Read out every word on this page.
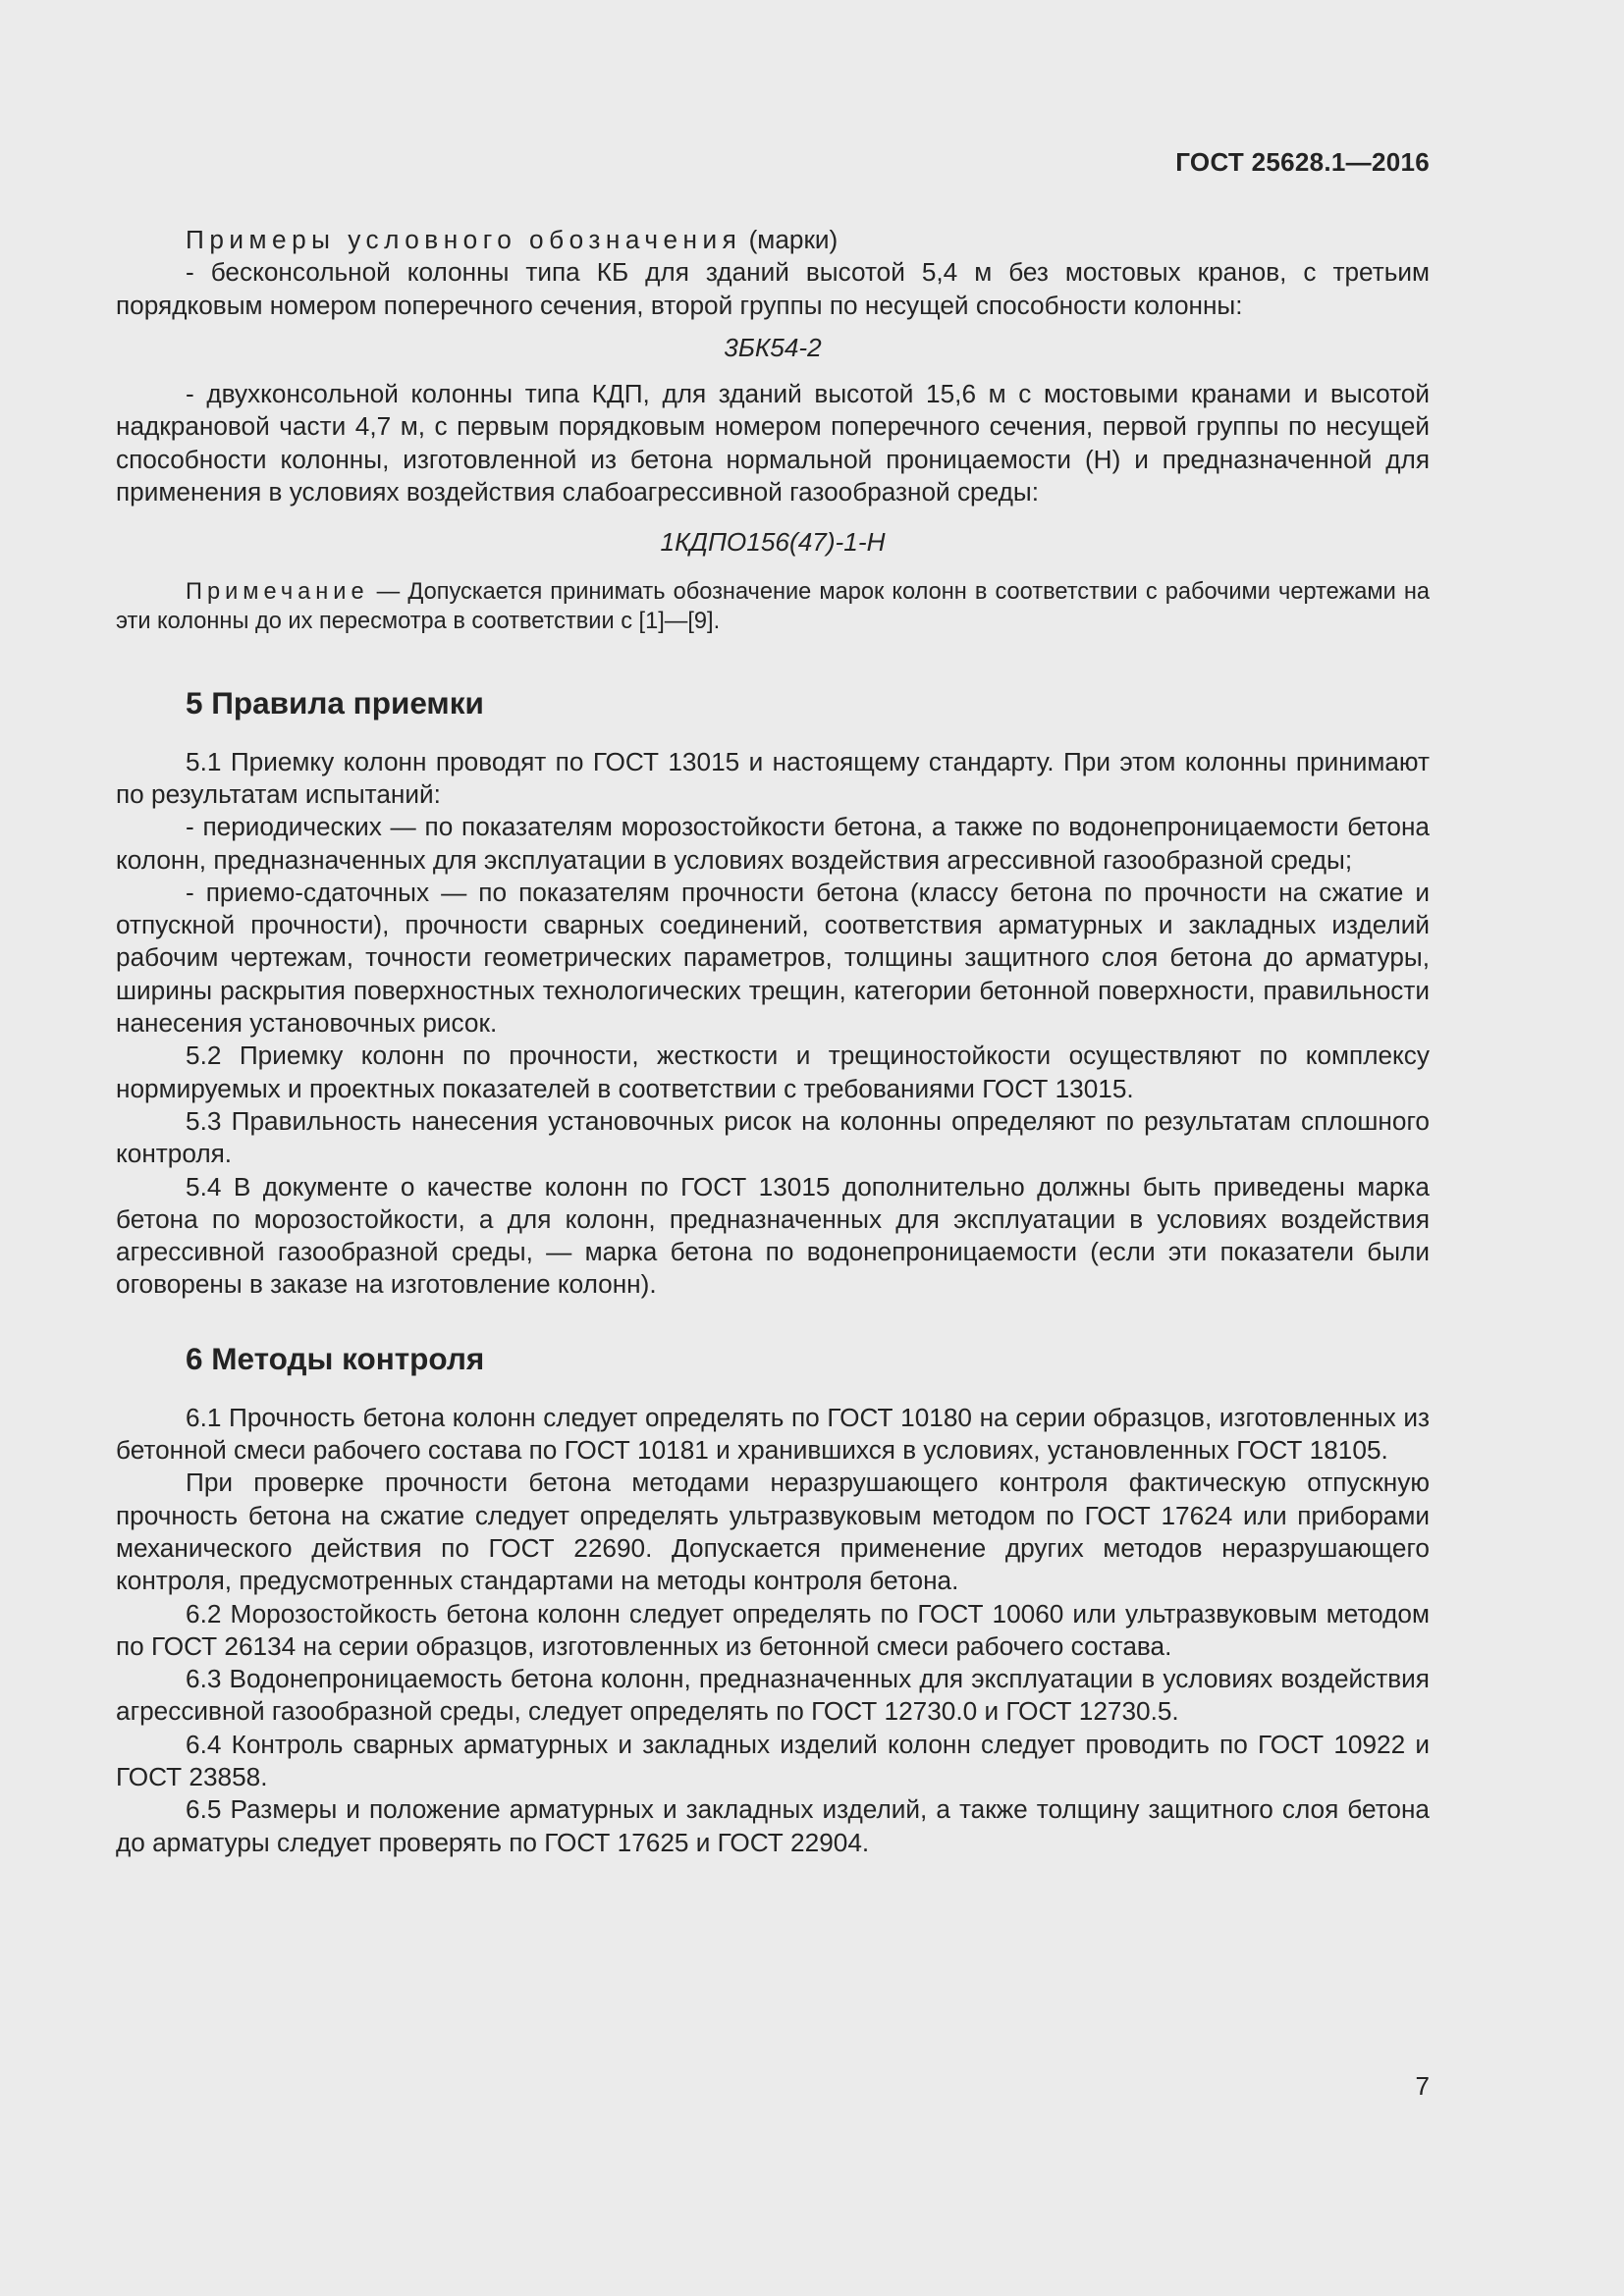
ГОСТ 25628.1—2016

Примеры условного обозначения (марки)

- бесконсольной колонны типа КБ для зданий высотой 5,4 м без мостовых кранов, с третьим порядковым номером поперечного сечения, второй группы по несущей способности колонны:

3БК54-2

- двухконсольной колонны типа КДП, для зданий высотой 15,6 м с мостовыми кранами и высотой надкрановой части 4,7 м, с первым порядковым номером поперечного сечения, первой группы по несущей способности колонны, изготовленной из бетона нормальной проницаемости (Н) и предназначенной для применения в условиях воздействия слабоагрессивной газообразной среды:

1КДПО156(47)-1-Н

Примечание — Допускается принимать обозначение марок колонн в соответствии с рабочими чертежами на эти колонны до их пересмотра в соответствии с [1]—[9].

5 Правила приемки

5.1 Приемку колонн проводят по ГОСТ 13015 и настоящему стандарту. При этом колонны принимают по результатам испытаний:

- периодических — по показателям морозостойкости бетона, а также по водонепроницаемости бетона колонн, предназначенных для эксплуатации в условиях воздействия агрессивной газообразной среды;

- приемо-сдаточных — по показателям прочности бетона (классу бетона по прочности на сжатие и отпускной прочности), прочности сварных соединений, соответствия арматурных и закладных изделий рабочим чертежам, точности геометрических параметров, толщины защитного слоя бетона до арматуры, ширины раскрытия поверхностных технологических трещин, категории бетонной поверхности, правильности нанесения установочных рисок.

5.2 Приемку колонн по прочности, жесткости и трещиностойкости осуществляют по комплексу нормируемых и проектных показателей в соответствии с требованиями ГОСТ 13015.

5.3 Правильность нанесения установочных рисок на колонны определяют по результатам сплошного контроля.

5.4 В документе о качестве колонн по ГОСТ 13015 дополнительно должны быть приведены марка бетона по морозостойкости, а для колонн, предназначенных для эксплуатации в условиях воздействия агрессивной газообразной среды, — марка бетона по водонепроницаемости (если эти показатели были оговорены в заказе на изготовление колонн).

6 Методы контроля

6.1 Прочность бетона колонн следует определять по ГОСТ 10180 на серии образцов, изготовленных из бетонной смеси рабочего состава по ГОСТ 10181 и хранившихся в условиях, установленных ГОСТ 18105.

При проверке прочности бетона методами неразрушающего контроля фактическую отпускную прочность бетона на сжатие следует определять ультразвуковым методом по ГОСТ 17624 или приборами механического действия по ГОСТ 22690. Допускается применение других методов неразрушающего контроля, предусмотренных стандартами на методы контроля бетона.

6.2 Морозостойкость бетона колонн следует определять по ГОСТ 10060 или ультразвуковым методом по ГОСТ 26134 на серии образцов, изготовленных из бетонной смеси рабочего состава.

6.3 Водонепроницаемость бетона колонн, предназначенных для эксплуатации в условиях воздействия агрессивной газообразной среды, следует определять по ГОСТ 12730.0 и ГОСТ 12730.5.

6.4 Контроль сварных арматурных и закладных изделий колонн следует проводить по ГОСТ 10922 и ГОСТ 23858.

6.5 Размеры и положение арматурных и закладных изделий, а также толщину защитного слоя бетона до арматуры следует проверять по ГОСТ 17625 и ГОСТ 22904.

7
